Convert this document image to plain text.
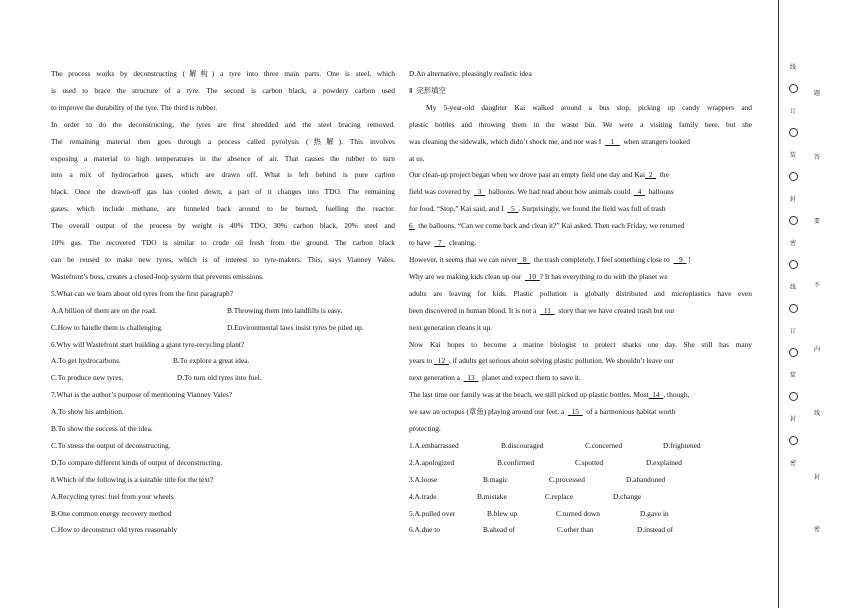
The process works by deconstructing (解构) a tyre into three main parts. One is steel, which

is used to brace the structure of a tyre. The second is carbon black, a powdery carbon used

to improve the durability of the tyre. The third is rubber.

In order to do the deconstructing, the tyres are first shredded and the steel bracing removed.

The remaining material then goes through a process called pyrolysis (热解). This involves

exposing a material to high temperatures in the absence of air. That causes the rubber to turn

into a mix of hydrocarbon gases, which are drawn off. What is left behind is pure carbon

black. Once the drawn-off gas has cooled down, a part of it changes into TDO. The remaining

gases, which include methane, are funneled back around to be burned, fuelling the reactor.

The overall output of the process by weight is 40% TDO, 30% carbon black, 20% steel and

10% gas. The recovered TDO is similar to crude oil fresh from the ground. The carbon black

can be reused to make new tyres, which is of interest to tyre-makers. This, says Vianney Vales,

Wastefront’s boss, creates a closed-loop system that prevents emissions.

5.What can we learn about old tyres from the first paragraph?

A.A billion of them are on the road.	B.Throwing them into landfills is easy.

C.How to handle them is challenging.	D.Environmental laws insist tyres be piled up.

6.Why will Wastefront start building a giant tyre-recycling plant?

A.To get hydrocarbons.	B.To explore a great idea.

C.To produce new tyres.	D.To turn old tyres into fuel.

7.What is the author’s purpose of mentioning Vianney Vales?

A.To show his ambition.

B.To show the success of the idea.

C.To stress the output of deconstructing.

D.To compare different kinds of output of deconstructing.

8.Which of the following is a suitable title for the text?

A.Recycling tyres: fuel from your wheels

B.One common energy recovery method

C.How to deconstruct old tyres reasonably

D.An alternative, pleasingly realistic idea

Ⅱ 完形填空

My 5-year-old daughter Kai walked around a bus stop, picking up candy wrappers and

plastic bottles and throwing them in the waste bin. We were a visiting family here, but she

was cleaning the sidewalk, which didn’t shock me, and nor was I 1 when strangers looked

at us.

Our clean-up project began when we drove past an empty field one day and Kai 2 the

field was covered by 3 balloons. We had read about how animals could 4 balloons

for food. “Stop,” Kai said, and I 5 . Surprisingly, we found the field was full of trash

6 the balloons. “Can we come back and clean it?” Kai asked. Then each Friday, we returned

to have 7 cleaning.

However, it seems that we can never 8 the trash completely. I feel something close to 9 !

Why are we making kids clean up our 10 ? It has everything to do with the planet we

adults are leaving for kids. Plastic pollution is globally distributed and microplastics have even

been discovered in human blood. It is not a 11 story that we have created trash but our

next generation cleans it up.

Now Kai hopes to become a marine biologist to protect sharks one day. She still has many

years to 12 , if adults get serious about solving plastic pollution. We shouldn’t leave our

next generation a 13 planet and expect them to save it.

The last time our family was at the beach, we still picked up plastic bottles. Most 14 , though,

we saw an octopus (章鱼) playing around our feet, a 15 of a harmonious habitat worth

protecting.

1.A.embarrassed	B.discouraged	C.concerned	D.frightened

2.A.apologized	B.confirmed	C.spotted	D.explained

3.A.loose	B.magic	C.processed	D.abandoned

4.A.trade	B.mistake	C.replace	D.change

5.A.pulled over	B.blew up	C.turned down	D.gave in

6.A.due to	B.ahead of	C.other than	D.instead of

线
订
装
封
密
线
订
装
封
密
题
答
要
不
内
线
封
密
